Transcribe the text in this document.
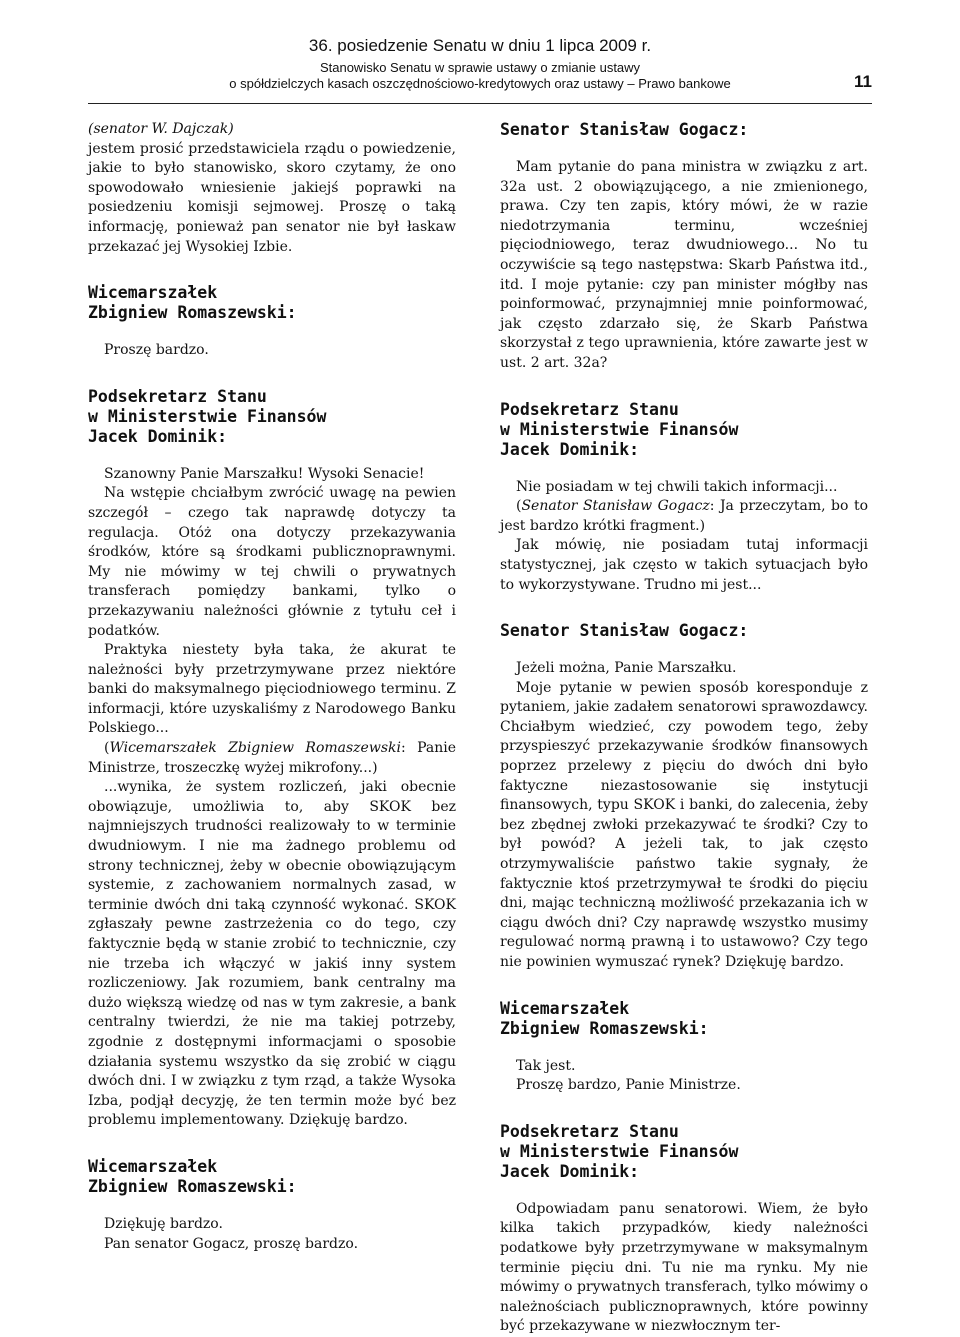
36. posiedzenie Senatu w dniu 1 lipca 2009 r.
Stanowisko Senatu w sprawie ustawy o zmianie ustawy
o spółdzielczych kasach oszczędnościowo-kredytowych oraz ustawy – Prawo bankowe	11

(senator W. Dajczak)

jestem prosić przedstawiciela rządu o powiedzenie, jakie to było stanowisko, skoro czytamy, że ono spowodowało wniesienie jakiejś poprawki na posiedzeniu komisji sejmowej. Proszę o taką informację, ponieważ pan senator nie był łaskaw przekazać jej Wysokiej Izbie.

Wicemarszałek
Zbigniew Romaszewski:

Proszę bardzo.

Podsekretarz Stanu
w Ministerstwie Finansów
Jacek Dominik:

Szanowny Panie Marszałku! Wysoki Senacie!

Na wstępie chciałbym zwrócić uwagę na pewien szczegół – czego tak naprawdę dotyczy ta regulacja. Otóż ona dotyczy przekazywania środków, które są środkami publicznoprawnymi. My nie mówimy w tej chwili o prywatnych transferach pomiędzy bankami, tylko o przekazywaniu należności głównie z tytułu ceł i podatków.

Praktyka niestety była taka, że akurat te należności były przetrzymywane przez niektóre banki do maksymalnego pięciodniowego terminu. Z informacji, które uzyskaliśmy z Narodowego Banku Polskiego...

(Wicemarszałek Zbigniew Romaszewski: Panie Ministrze, troszeczkę wyżej mikrofony...)

...wynika, że system rozliczeń, jaki obecnie obowiązuje, umożliwia to, aby SKOK bez najmniejszych trudności realizowały to w terminie dwudniowym. I nie ma żadnego problemu od strony technicznej, żeby w obecnie obowiązującym systemie, z zachowaniem normalnych zasad, w terminie dwóch dni taką czynność wykonać. SKOK zgłaszały pewne zastrzeżenia co do tego, czy faktycznie będą w stanie zrobić to technicznie, czy nie trzeba ich włączyć w jakiś inny system rozliczeniowy. Jak rozumiem, bank centralny ma dużo większą wiedzę od nas w tym zakresie, a bank centralny twierdzi, że nie ma takiej potrzeby, zgodnie z dostępnymi informacjami o sposobie działania systemu wszystko da się zrobić w ciągu dwóch dni. I w związku z tym rząd, a także Wysoka Izba, podjął decyzję, że ten termin może być bez problemu implementowany. Dziękuję bardzo.

Wicemarszałek
Zbigniew Romaszewski:

Dziękuję bardzo.

Pan senator Gogacz, proszę bardzo.

Senator Stanisław Gogacz:

Mam pytanie do pana ministra w związku z art. 32a ust. 2 obowiązującego, a nie zmienionego, prawa. Czy ten zapis, który mówi, że w razie niedotrzymania terminu, wcześniej pięciodniowego, teraz dwudniowego... No tu oczywiście są tego następstwa: Skarb Państwa itd., itd. I moje pytanie: czy pan minister mógłby nas poinformować, przynajmniej mnie poinformować, jak często zdarzało się, że Skarb Państwa skorzystał z tego uprawnienia, które zawarte jest w ust. 2 art. 32a?

Podsekretarz Stanu
w Ministerstwie Finansów
Jacek Dominik:

Nie posiadam w tej chwili takich informacji...

(Senator Stanisław Gogacz: Ja przeczytam, bo to jest bardzo krótki fragment.)

Jak mówię, nie posiadam tutaj informacji statystycznej, jak często w takich sytuacjach było to wykorzystywane. Trudno mi jest...

Senator Stanisław Gogacz:

Jeżeli można, Panie Marszałku.

Moje pytanie w pewien sposób koresponduje z pytaniem, jakie zadałem senatorowi sprawozdawcy. Chciałbym wiedzieć, czy powodem tego, żeby przyspieszyć przekazywanie środków finansowych poprzez przelewy z pięciu do dwóch dni było faktyczne niezastosowanie się instytucji finansowych, typu SKOK i banki, do zalecenia, żeby bez zbędnej zwłoki przekazywać te środki? Czy to był powód? A jeżeli tak, to jak często otrzymywaliście państwo takie sygnały, że faktycznie ktoś przetrzymywał te środki do pięciu dni, mając techniczną możliwość przekazania ich w ciągu dwóch dni? Czy naprawdę wszystko musimy regulować normą prawną i to ustawowo? Czy tego nie powinien wymuszać rynek? Dziękuję bardzo.

Wicemarszałek
Zbigniew Romaszewski:

Tak jest.

Proszę bardzo, Panie Ministrze.

Podsekretarz Stanu
w Ministerstwie Finansów
Jacek Dominik:

Odpowiadam panu senatorowi. Wiem, że było kilka takich przypadków, kiedy należności podatkowe były przetrzymywane w maksymalnym terminie pięciu dni. Tu nie ma rynku. My nie mówimy o prywatnych transferach, tylko mówimy o należnościach publicznoprawnych, które powinny być przekazywane w niezwłocznym ter-
